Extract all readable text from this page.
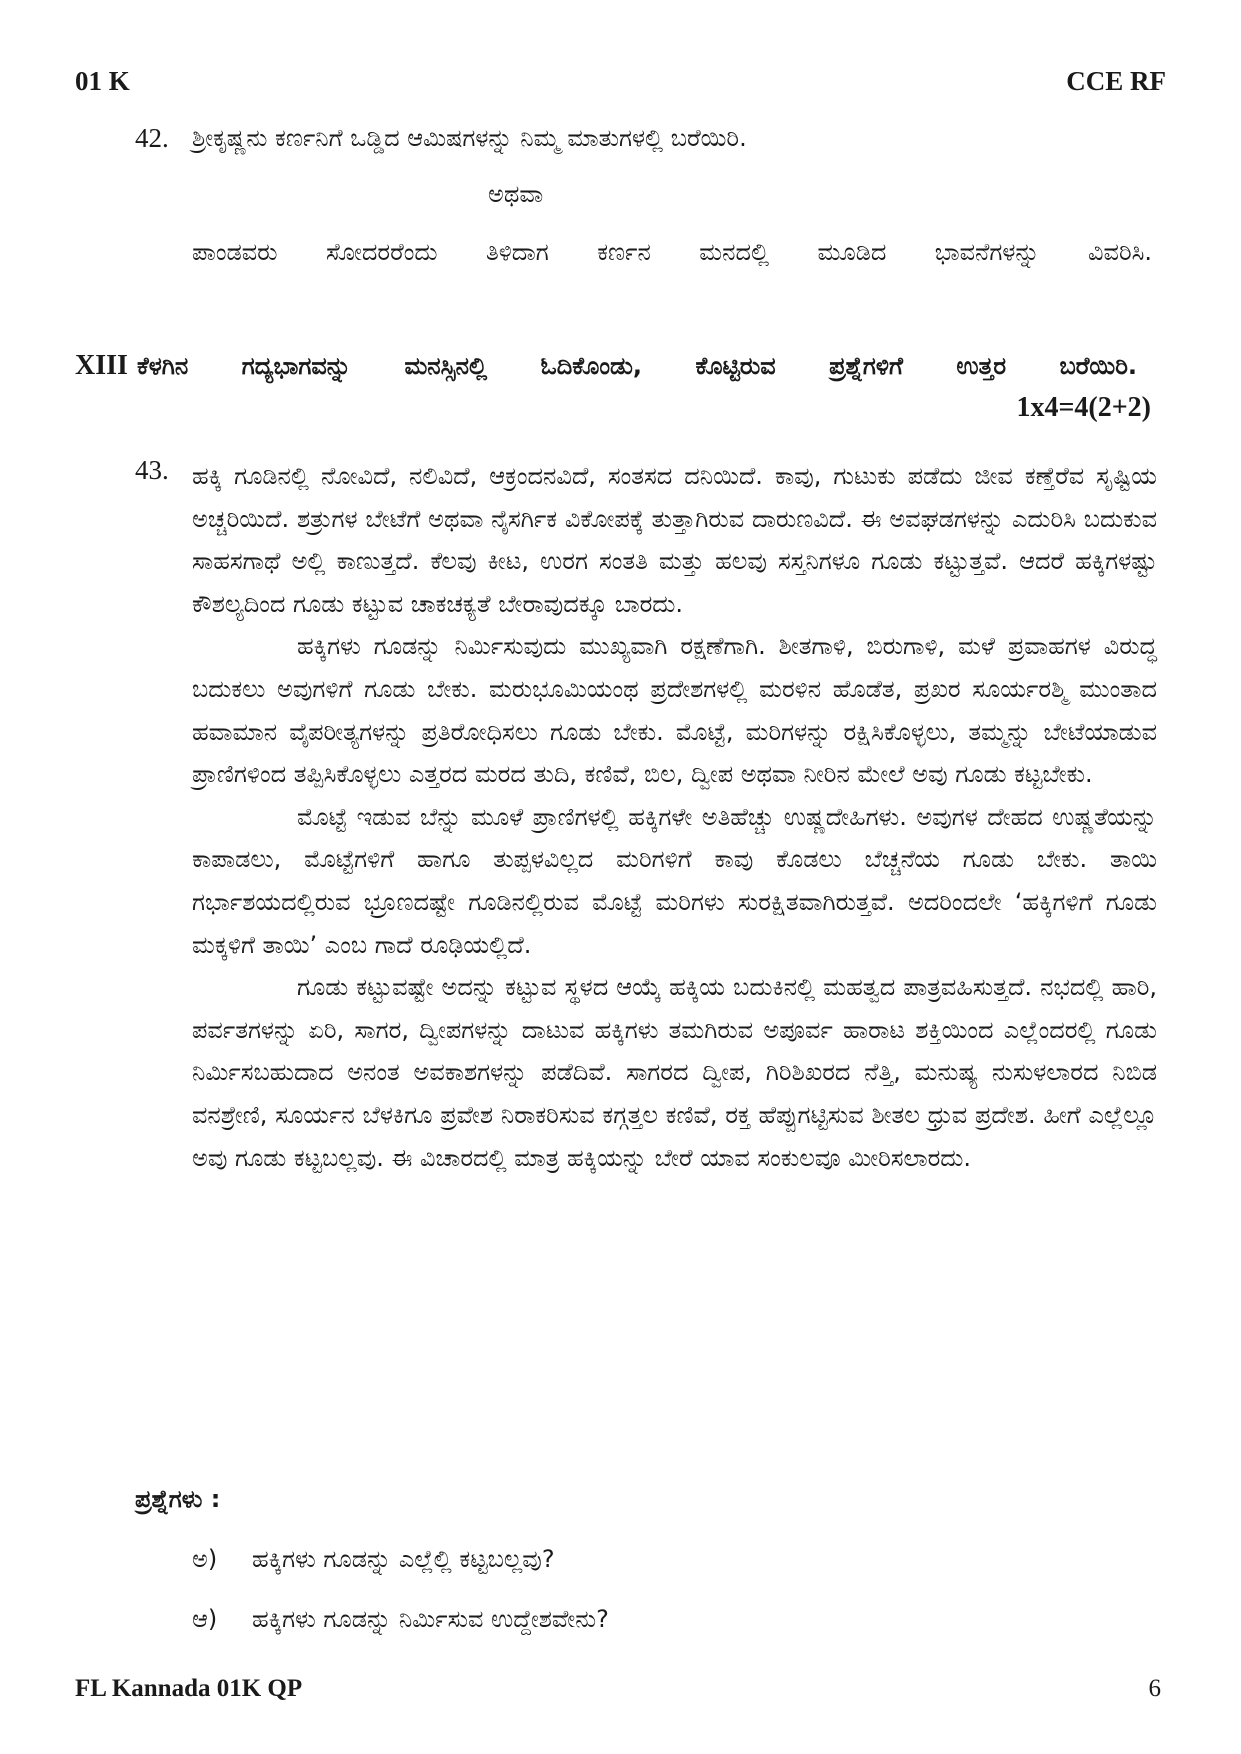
01 K	CCE RF
42. ಶ್ರೀಕೃಷ್ಣನು ಕರ್ಣನಿಗೆ ಒಡ್ಡಿದ ಆಮಿಷಗಳನ್ನು ನಿಮ್ಮ ಮಾತುಗಳಲ್ಲಿ ಬರೆಯಿರಿ.
ಅಥವಾ
ಪಾಂಡವರು ಸೋದರರೆಂದು ತಿಳಿದಾಗ ಕರ್ಣನ ಮನದಲ್ಲಿ ಮೂಡಿದ ಭಾವನೆಗಳನ್ನು ವಿವರಿಸಿ.
XIII ಕೆಳಗಿನ ಗದ್ಯಭಾಗವನ್ನು ಮನಸ್ಸಿನಲ್ಲಿ ಓದಿಕೊಂಡು, ಕೊಟ್ಟಿರುವ ಪ್ರಶ್ನೆಗಳಿಗೆ ಉತ್ತರ ಬರೆಯಿರಿ.
1x4=4(2+2)
43. ಹಕ್ಕಿ ಗೂಡಿನಲ್ಲಿ ನೋವಿದೆ, ನಲಿವಿದೆ, ಆಕ್ರಂದನವಿದೆ, ಸಂತಸದ ದನಿಯಿದೆ. ಕಾವು, ಗುಟುಕು ಪಡೆದು ಜೀವ ಕಣ್ತೆರೆವ ಸೃಷ್ಟಿಯ ಅಚ್ಚರಿಯಿದೆ. ಶತ್ರುಗಳ ಬೇಟೆಗೆ ಅಥವಾ ನೈಸರ್ಗಿಕ ವಿಕೋಪಕ್ಕೆ ತುತ್ತಾಗಿರುವ ದಾರುಣವಿದೆ. ಈ ಅವಘಡಗಳನ್ನು ಎದುರಿಸಿ ಬದುಕುವ ಸಾಹಸಗಾಥೆ ಅಲ್ಲಿ ಕಾಣುತ್ತದೆ. ಕೆಲವು ಕೀಟ, ಉರಗ ಸಂತತಿ ಮತ್ತು ಹಲವು ಸಸ್ತನಿಗಳೂ ಗೂಡು ಕಟ್ಟುತ್ತವೆ. ಆದರೆ ಹಕ್ಕಿಗಳಷ್ಟು ಕೌಶಲ್ಯದಿಂದ ಗೂಡು ಕಟ್ಟುವ ಚಾಕಚಕ್ಯತೆ ಬೇರಾವುದಕ್ಕೂ ಬಾರದು.

ಹಕ್ಕಿಗಳು ಗೂಡನ್ನು ನಿರ್ಮಿಸುವುದು ಮುಖ್ಯವಾಗಿ ರಕ್ಷಣೆಗಾಗಿ. ಶೀತಗಾಳಿ, ಬಿರುಗಾಳಿ, ಮಳೆ ಪ್ರವಾಹಗಳ ವಿರುದ್ಧ ಬದುಕಲು ಅವುಗಳಿಗೆ ಗೂಡು ಬೇಕು. ಮರುಭೂಮಿಯಂಥ ಪ್ರದೇಶಗಳಲ್ಲಿ ಮರಳಿನ ಹೊಡೆತ, ಪ್ರಖರ ಸೂರ್ಯರಶ್ಮಿ ಮುಂತಾದ ಹವಾಮಾನ ವೈಪರೀತ್ಯಗಳನ್ನು ಪ್ರತಿರೋಧಿಸಲು ಗೂಡು ಬೇಕು. ಮೊಟ್ಟೆ, ಮರಿಗಳನ್ನು ರಕ್ಷಿಸಿಕೊಳ್ಳಲು, ತಮ್ಮನ್ನು ಬೇಟೆಯಾಡುವ ಪ್ರಾಣಿಗಳಿಂದ ತಪ್ಪಿಸಿಕೊಳ್ಳಲು ಎತ್ತರದ ಮರದ ತುದಿ, ಕಣಿವೆ, ಬಿಲ, ದ್ವೀಪ ಅಥವಾ ನೀರಿನ ಮೇಲೆ ಅವು ಗೂಡು ಕಟ್ಟಬೇಕು.

ಮೊಟ್ಟೆ ಇಡುವ ಬೆನ್ನು ಮೂಳೆ ಪ್ರಾಣಿಗಳಲ್ಲಿ ಹಕ್ಕಿಗಳೇ ಅತಿಹೆಚ್ಚು ಉಷ್ಣದೇಹಿಗಳು. ಅವುಗಳ ದೇಹದ ಉಷ್ಣತೆಯನ್ನು ಕಾಪಾಡಲು, ಮೊಟ್ಟೆಗಳಿಗೆ ಹಾಗೂ ತುಪ್ಪಳವಿಲ್ಲದ ಮರಿಗಳಿಗೆ ಕಾವು ಕೊಡಲು ಬೆಚ್ಚನೆಯ ಗೂಡು ಬೇಕು. ತಾಯಿ ಗರ್ಭಾಶಯದಲ್ಲಿರುವ ಭ್ರೂಣದಷ್ಟೇ ಗೂಡಿನಲ್ಲಿರುವ ಮೊಟ್ಟೆ ಮರಿಗಳು ಸುರಕ್ಷಿತವಾಗಿರುತ್ತವೆ. ಅದರಿಂದಲೇ ‘ಹಕ್ಕಿಗಳಿಗೆ ಗೂಡು ಮಕ್ಕಳಿಗೆ ತಾಯಿ’ ಎಂಬ ಗಾದೆ ರೂಢಿಯಲ್ಲಿದೆ.

ಗೂಡು ಕಟ್ಟುವಷ್ಟೇ ಅದನ್ನು ಕಟ್ಟುವ ಸ್ಥಳದ ಆಯ್ಕೆ ಹಕ್ಕಿಯ ಬದುಕಿನಲ್ಲಿ ಮಹತ್ವದ ಪಾತ್ರವಹಿಸುತ್ತದೆ. ನಭದಲ್ಲಿ ಹಾರಿ, ಪರ್ವತಗಳನ್ನು ಏರಿ, ಸಾಗರ, ದ್ವೀಪಗಳನ್ನು ದಾಟುವ ಹಕ್ಕಿಗಳು ತಮಗಿರುವ ಅಪೂರ್ವ ಹಾರಾಟ ಶಕ್ತಿಯಿಂದ ಎಲ್ಲೆಂದರಲ್ಲಿ ಗೂಡು ನಿರ್ಮಿಸಬಹುದಾದ ಅನಂತ ಅವಕಾಶಗಳನ್ನು ಪಡೆದಿವೆ. ಸಾಗರದ ದ್ವೀಪ, ಗಿರಿಶಿಖರದ ನೆತ್ತಿ, ಮನುಷ್ಯ ನುಸುಳಲಾರದ ನಿಬಿಡ ವನಶ್ರೇಣಿ, ಸೂರ್ಯನ ಬೆಳಕಿಗೂ ಪ್ರವೇಶ ನಿರಾಕರಿಸುವ ಕಗ್ಗತ್ತಲ ಕಣಿವೆ, ರಕ್ತ ಹೆಪ್ಪುಗಟ್ಟಿಸುವ ಶೀತಲ ಧ್ರುವ ಪ್ರದೇಶ. ಹೀಗೆ ಎಲ್ಲೆಲ್ಲೂ ಅವು ಗೂಡು ಕಟ್ಟಬಲ್ಲವು. ಈ ವಿಚಾರದಲ್ಲಿ ಮಾತ್ರ ಹಕ್ಕಿಯನ್ನು ಬೇರೆ ಯಾವ ಸಂಕುಲವೂ ಮೀರಿಸಲಾರದು.

ಪ್ರಶ್ನೆಗಳು :
ಅ) ಹಕ್ಕಿಗಳು ಗೂಡನ್ನು ಎಲ್ಲೆಲ್ಲಿ ಕಟ್ಟಬಲ್ಲವು?
ಆ) ಹಕ್ಕಿಗಳು ಗೂಡನ್ನು ನಿರ್ಮಿಸುವ ಉದ್ದೇಶವೇನು?
FL Kannada 01K QP	6
